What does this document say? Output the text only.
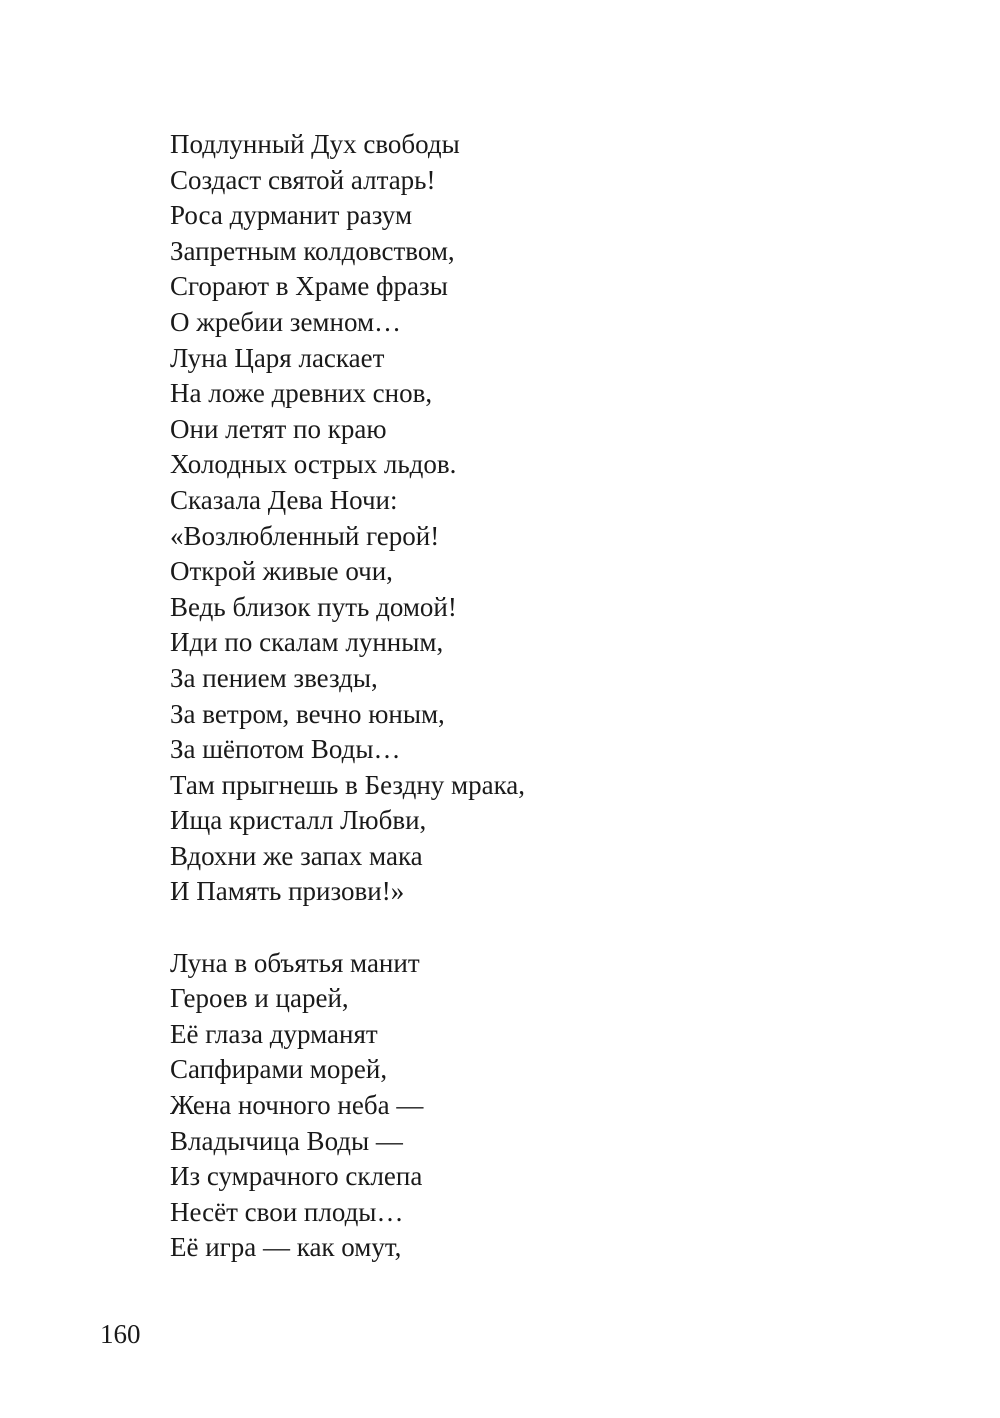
Подлунный Дух свободы
Создаст святой алтарь!
Роса дурманит разум
Запретным колдовством,
Сгорают в Храме фразы
О жребии земном…
Луна Царя ласкает
На ложе древних снов,
Они летят по краю
Холодных острых льдов.
Сказала Дева Ночи:
«Возлюбленный герой!
Открой живые очи,
Ведь близок путь домой!
Иди по скалам лунным,
За пением звезды,
За ветром, вечно юным,
За шёпотом Воды…
Там прыгнешь в Бездну мрака,
Ища кристалл Любви,
Вдохни же запах мака
И Память призови!»
Луна в объятья манит
Героев и царей,
Её глаза дурманят
Сапфирами морей,
Жена ночного неба —
Владычица Воды —
Из сумрачного склепа
Несёт свои плоды…
Её игра — как омут,
160
